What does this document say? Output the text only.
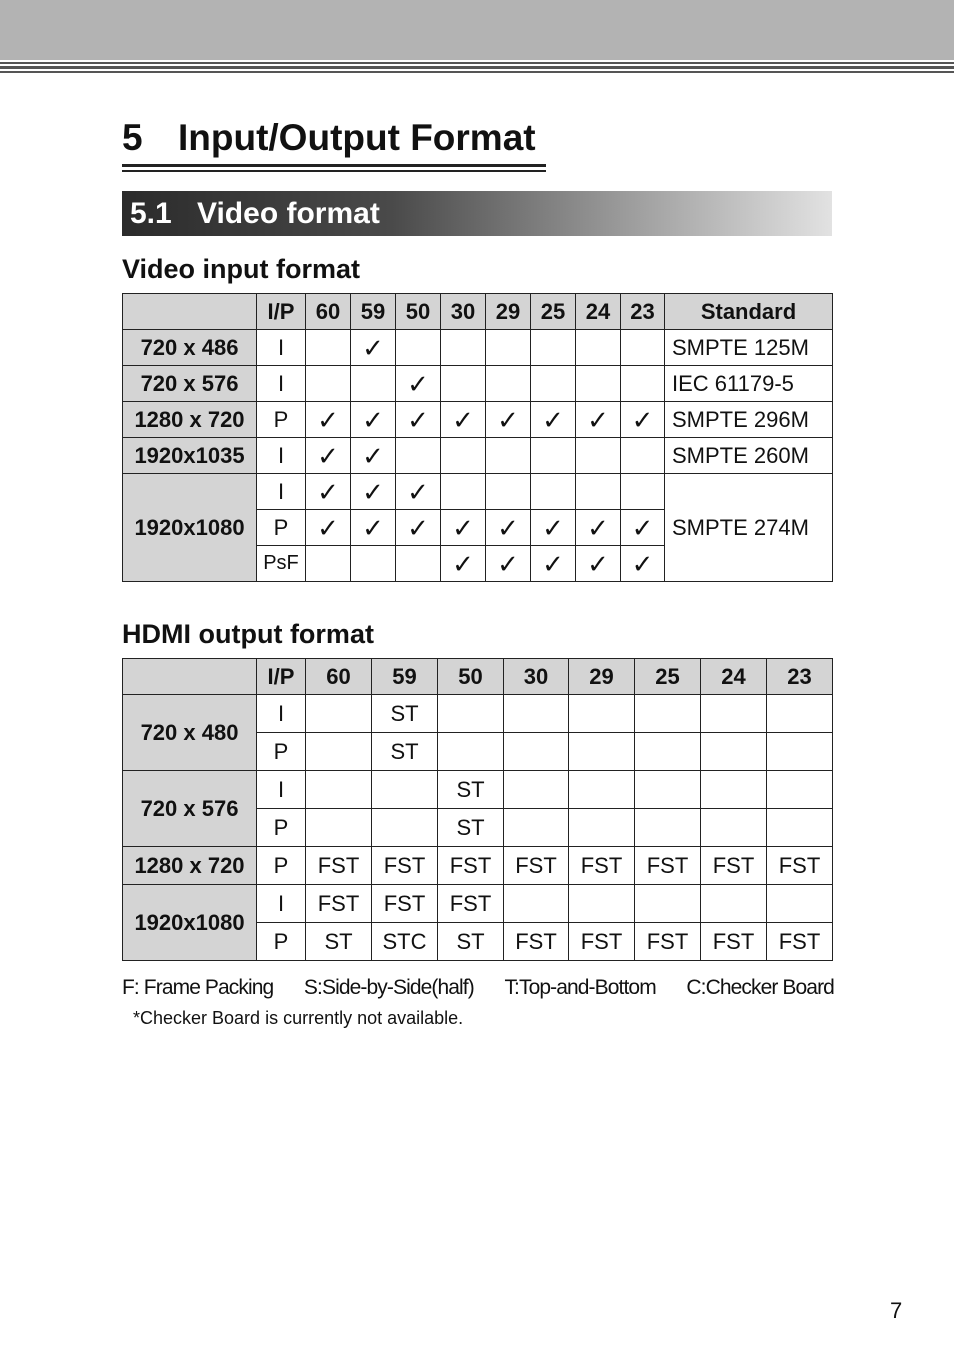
5 Input/Output Format
5.1 Video format
Video input format
	I/P	60	59	50	30	29	25	24	23	Standard
720 x 486	I		✓							SMPTE 125M
720 x 576	I			✓						IEC 61179-5
1280 x 720	P	✓	✓	✓	✓	✓	✓	✓	✓	SMPTE 296M
1920x1035	I	✓	✓							SMPTE 260M
1920x1080	I	✓	✓	✓						SMPTE 274M
	P	✓	✓	✓	✓	✓	✓	✓	✓	
	PsF				✓	✓	✓	✓	✓	
HDMI output format
	I/P	60	59	50	30	29	25	24	23
720 x 480	I		ST						
	P		ST						
720 x 576	I			ST					
	P			ST					
1280 x 720	P	FST	FST	FST	FST	FST	FST	FST	FST
1920x1080	I	FST	FST	FST					
	P	ST	STC	ST	FST	FST	FST	FST	FST
F: Frame Packing S:Side-by-Side(half) T:Top-and-Bottom C:Checker Board
*Checker Board is currently not available.
7
